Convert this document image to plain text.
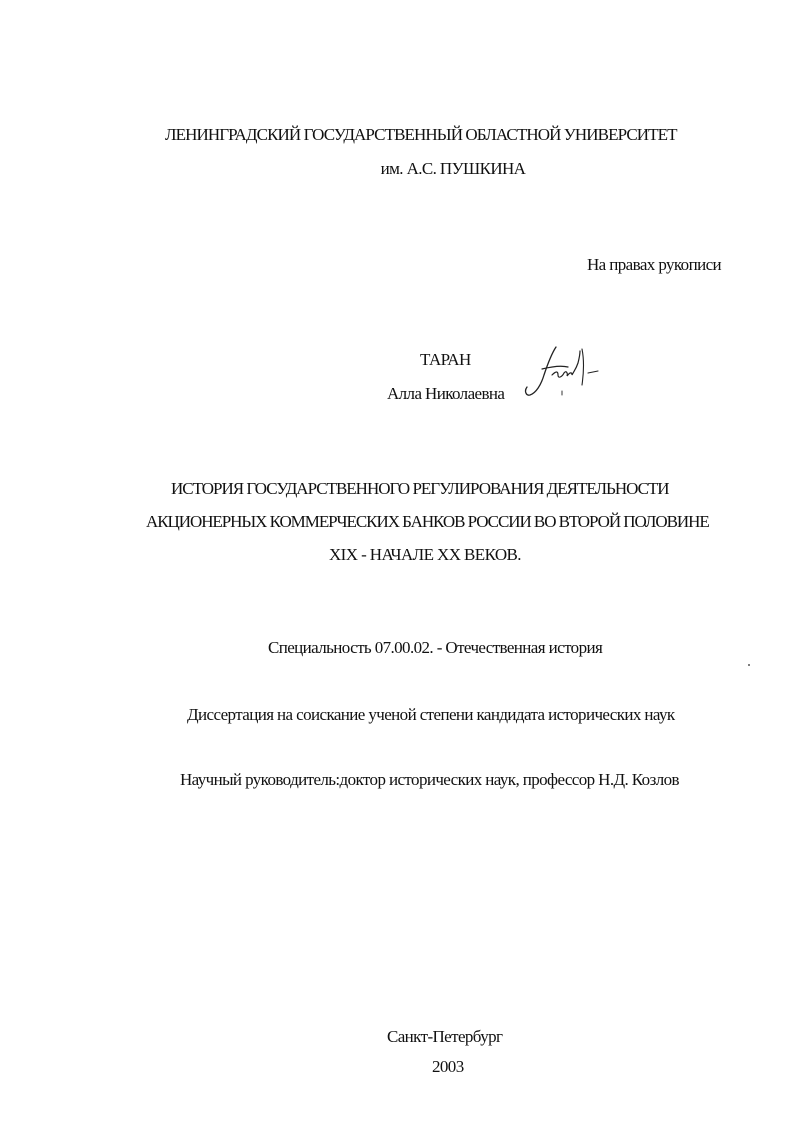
ЛЕНИНГРАДСКИЙ ГОСУДАРСТВЕННЫЙ ОБЛАСТНОЙ УНИВЕРСИТЕТ
им. А.С. ПУШКИНА
На правах рукописи
ТАРАН
Алла Николаевна
ИСТОРИЯ ГОСУДАРСТВЕННОГО РЕГУЛИРОВАНИЯ ДЕЯТЕЛЬНОСТИ
АКЦИОНЕРНЫХ КОММЕРЧЕСКИХ БАНКОВ РОССИИ ВО ВТОРОЙ ПОЛОВИНЕ
XIX - НАЧАЛЕ XX ВЕКОВ.
Специальность 07.00.02. - Отечественная история
Диссертация на соискание ученой степени кандидата исторических наук
Научный руководитель:доктор исторических наук, профессор Н.Д. Козлов
Санкт-Петербург
2003
